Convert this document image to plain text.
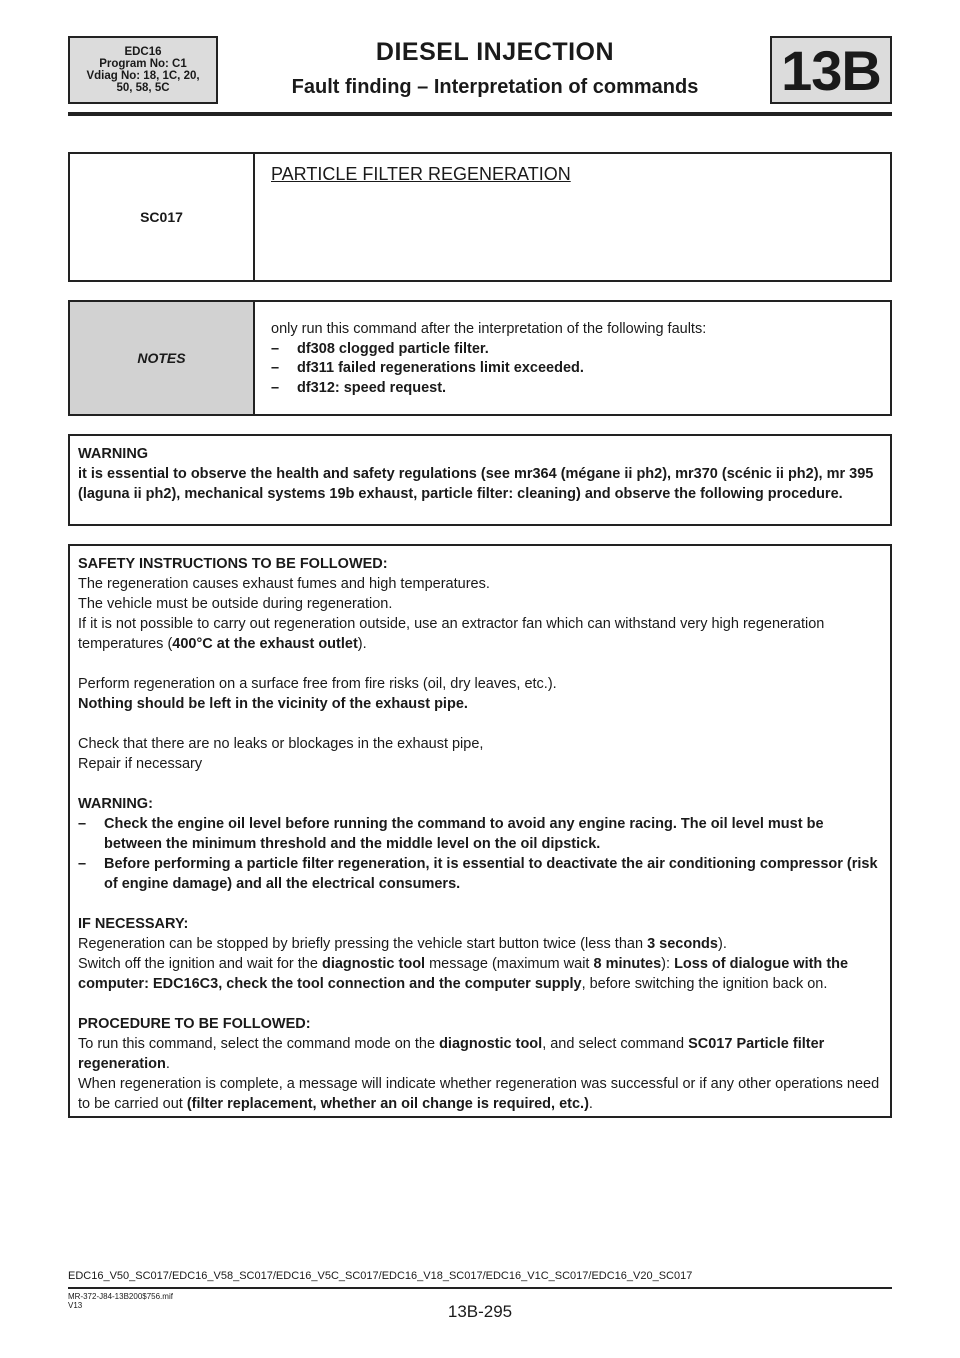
EDC16
Program No: C1
Vdiag No: 18, 1C, 20,
50, 58, 5C
DIESEL INJECTION
Fault finding – Interpretation of commands	13B
SC017
PARTICLE FILTER REGENERATION
NOTES
only run this command after the interpretation of the following faults:
–	df308 clogged particle filter.
–	df311 failed regenerations limit exceeded.
–	df312: speed request.
WARNING
it is essential to observe the health and safety regulations (see mr364 (mégane ii ph2), mr370 (scénic ii ph2), mr 395 (laguna ii ph2), mechanical systems 19b exhaust, particle filter: cleaning) and observe the following procedure.

SAFETY INSTRUCTIONS TO BE FOLLOWED:

The regeneration causes exhaust fumes and high temperatures.

The vehicle must be outside during regeneration.

If it is not possible to carry out regeneration outside, use an extractor fan which can withstand very high regeneration temperatures (400°C at the exhaust outlet).

Perform regeneration on a surface free from fire risks (oil, dry leaves, etc.).

Nothing should be left in the vicinity of the exhaust pipe.

Check that there are no leaks or blockages in the exhaust pipe,

Repair if necessary

WARNING:

–	Check the engine oil level before running the command to avoid any engine racing. The oil level must be between the minimum threshold and the middle level on the oil dipstick.
–	Before performing a particle filter regeneration, it is essential to deactivate the air conditioning compressor (risk of engine damage) and all the electrical consumers.

IF NECESSARY:

Regeneration can be stopped by briefly pressing the vehicle start button twice (less than 3 seconds).

Switch off the ignition and wait for the diagnostic tool message (maximum wait 8 minutes): Loss of dialogue with the computer: EDC16C3, check the tool connection and the computer supply, before switching the ignition back on.

PROCEDURE TO BE FOLLOWED:

To run this command, select the command mode on the diagnostic tool, and select command SC017 Particle filter regeneration.

When regeneration is complete, a message will indicate whether regeneration was successful or if any other operations need to be carried out (filter replacement, whether an oil change is required, etc.).

EDC16_V50_SC017/EDC16_V58_SC017/EDC16_V5C_SC017/EDC16_V18_SC017/EDC16_V1C_SC017/EDC16_V20_SC017
MR-372-J84-13B200$756.mif
V13	13B-295
